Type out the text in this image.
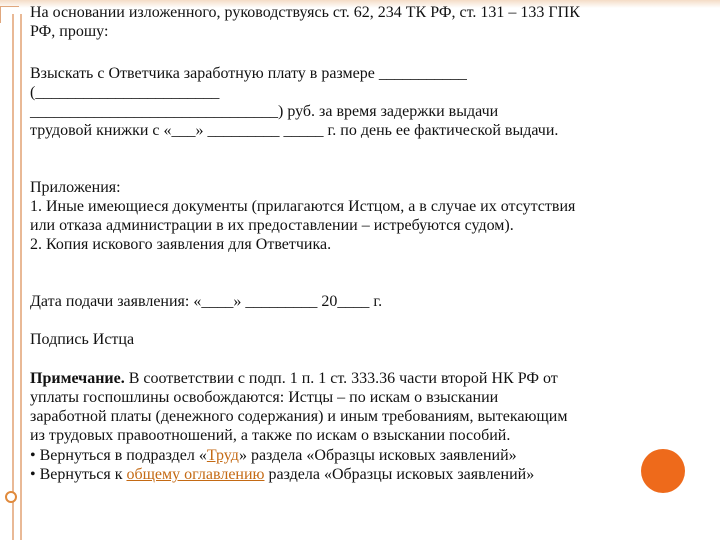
На основании изложенного, руководствуясь ст. 62, 234 ТК РФ, ст. 131 – 133 ГПК
РФ, прошу:
Взыскать с Ответчика заработную плату в размере ___________
(_______________________
_______________________________) руб. за время задержки выдачи
трудовой книжки с «___» _________ _____ г. по день ее фактической выдачи.
Приложения:
1. Иные имеющиеся документы (прилагаются Истцом, а в случае их отсутствия
или отказа администрации в их предоставлении – истребуются судом).
2. Копия искового заявления для Ответчика.
Дата подачи заявления: «____» _________ 20____ г.
Подпись Истца
Примечание. В соответствии с подп. 1 п. 1 ст. 333.36 части второй НК РФ от
уплаты госпошлины освобождаются: Истцы – по искам о взыскании
заработной платы (денежного содержания) и иным требованиям, вытекающим
из трудовых правоотношений, а также по искам о взыскании пособий.
• Вернуться в подраздел «Труд» раздела «Образцы исковых заявлений»
• Вернуться к общему оглавлению раздела «Образцы исковых заявлений»
